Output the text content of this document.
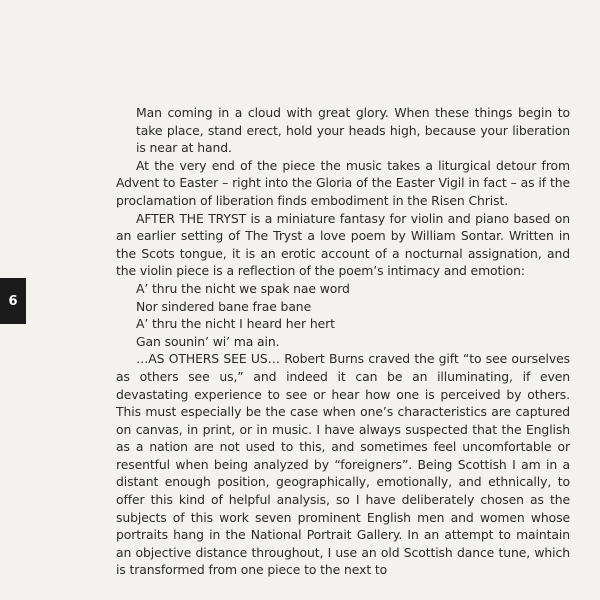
6

Man coming in a cloud with great glory. When these things begin to take place, stand erect, hold your heads high, because your liberation is near at hand.

At the very end of the piece the music takes a liturgical detour from Advent to Easter – right into the Gloria of the Easter Vigil in fact – as if the proclamation of liberation finds embodiment in the Risen Christ.

AFTER THE TRYST is a miniature fantasy for violin and piano based on an earlier setting of The Tryst a love poem by William Sontar. Written in the Scots tongue, it is an erotic account of a nocturnal assignation, and the violin piece is a reflection of the poem’s intimacy and emotion:

A’ thru the nicht we spak nae word
Nor sindered bane frae bane
A’ thru the nicht I heard her hert
Gan sounin’ wi’ ma ain.

…AS OTHERS SEE US… Robert Burns craved the gift “to see ourselves as others see us,” and indeed it can be an illuminating, if even devastating experience to see or hear how one is perceived by others. This must especially be the case when one’s characteristics are captured on canvas, in print, or in music. I have always suspected that the English as a nation are not used to this, and sometimes feel uncomfortable or resentful when being analyzed by “foreigners”. Being Scottish I am in a distant enough position, geographically, emotionally, and ethnically, to offer this kind of helpful analysis, so I have deliberately chosen as the subjects of this work seven prominent English men and women whose portraits hang in the National Portrait Gallery. In an attempt to maintain an objective distance throughout, I use an old Scottish dance tune, which is transformed from one piece to the next to
